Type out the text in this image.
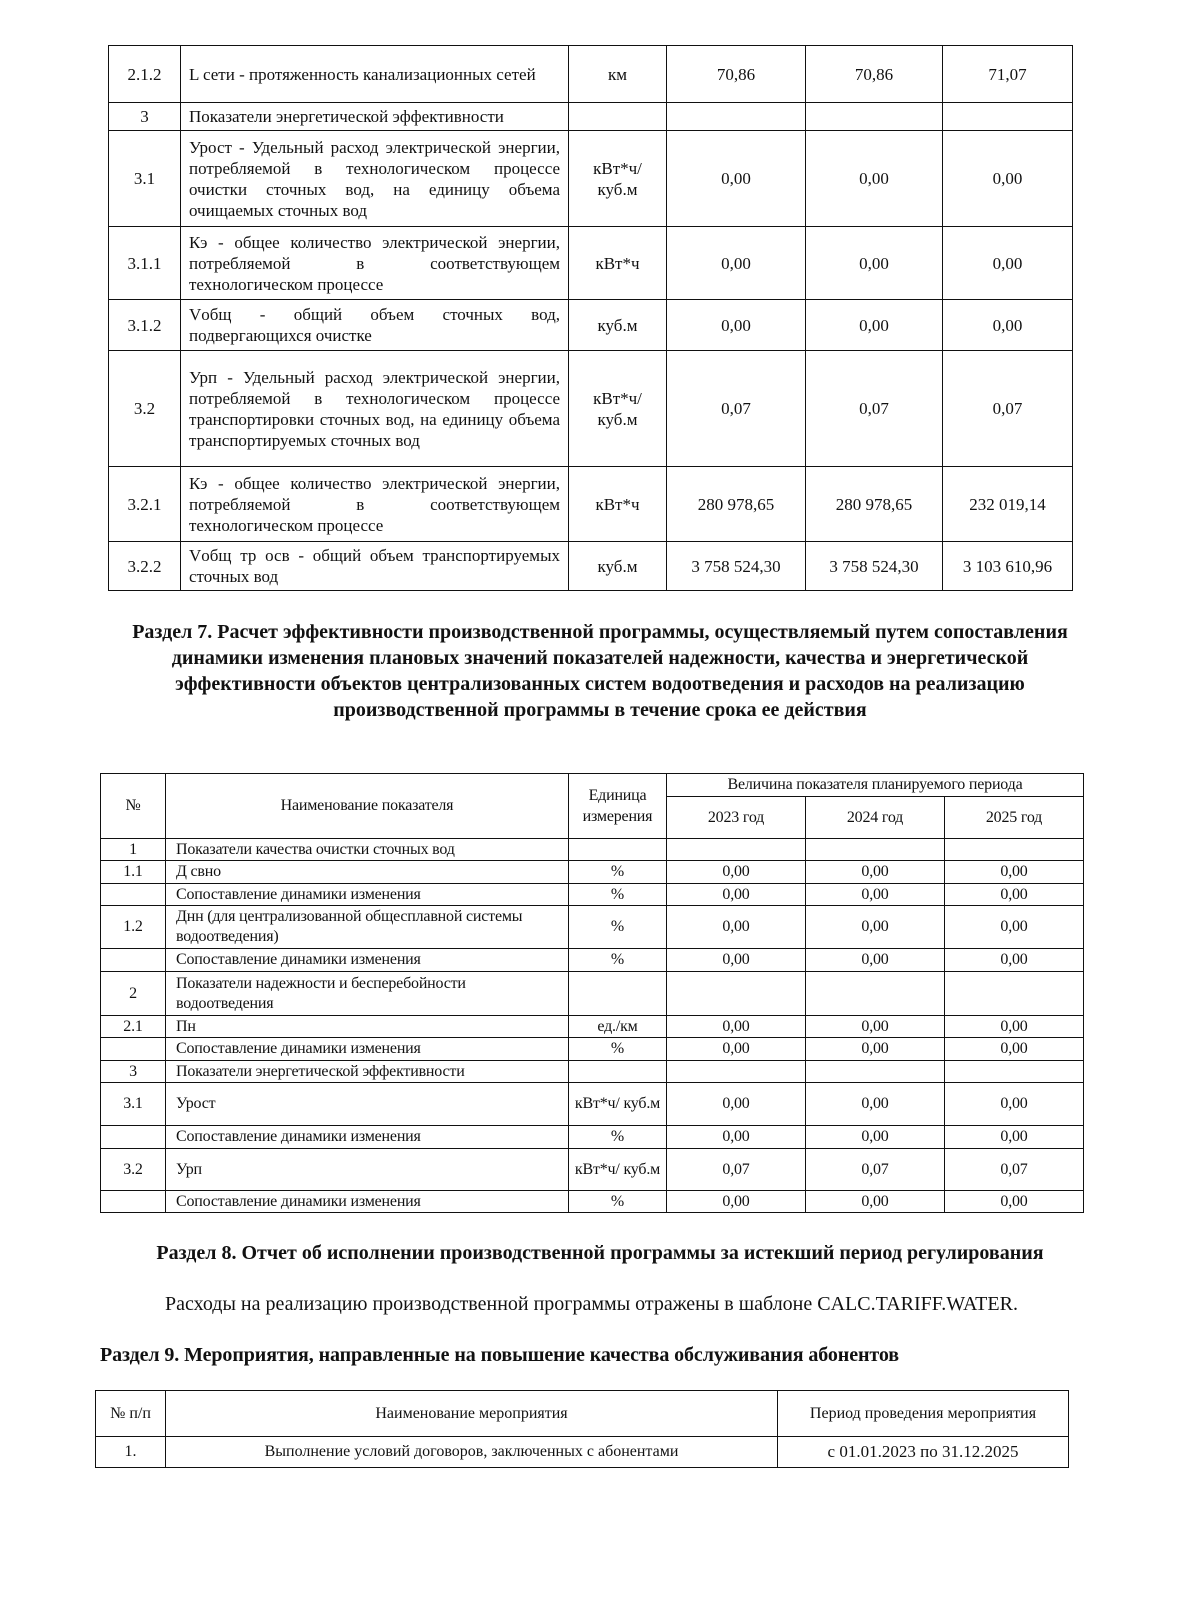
2.1.2	L сети - протяженность канализационных сетей	км	70,86	70,86	71,07
3	Показатели энергетической эффективности				
3.1	Урост - Удельный расход электрической энергии, потребляемой в технологическом процессе очистки сточных вод, на единицу объема очищаемых сточных вод	кВт*ч/ куб.м	0,00	0,00	0,00
3.1.1	Кэ - общее количество электрической энергии, потребляемой в соответствующем технологическом процессе	кВт*ч	0,00	0,00	0,00
3.1.2	Vобщ - общий объем сточных вод, подвергающихся очистке	куб.м	0,00	0,00	0,00
3.2	Урп - Удельный расход электрической энергии, потребляемой в технологическом процессе транспортировки сточных вод, на единицу объема транспортируемых сточных вод	кВт*ч/ куб.м	0,07	0,07	0,07
3.2.1	Кэ - общее количество электрической энергии, потребляемой в соответствующем технологическом процессе	кВт*ч	280 978,65	280 978,65	232 019,14
3.2.2	Vобщ тр осв - общий объем транспортируемых сточных вод	куб.м	3 758 524,30	3 758 524,30	3 103 610,96
Раздел 7. Расчет эффективности производственной программы, осуществляемый путем сопоставления динамики изменения плановых значений показателей надежности, качества и энергетической эффективности объектов централизованных систем водоотведения и расходов на реализацию производственной программы в течение срока ее действия
№	Наименование показателя	Единица измерения	Величина показателя планируемого периода		
			2023 год	2024 год	2025 год
1	Показатели качества очистки сточных вод				
1.1	Д свно	%	0,00	0,00	0,00
	Сопоставление динамики изменения	%	0,00	0,00	0,00
1.2	Днн (для централизованной общесплавной системы водоотведения)	%	0,00	0,00	0,00
	Сопоставление динамики изменения	%	0,00	0,00	0,00
2	Показатели надежности и бесперебойности водоотведения				
2.1	Пн	ед./км	0,00	0,00	0,00
	Сопоставление динамики изменения	%	0,00	0,00	0,00
3	Показатели энергетической эффективности				
3.1	Урост	кВт*ч/ куб.м	0,00	0,00	0,00
	Сопоставление динамики изменения	%	0,00	0,00	0,00
3.2	Урп	кВт*ч/ куб.м	0,07	0,07	0,07
	Сопоставление динамики изменения	%	0,00	0,00	0,00
Раздел 8. Отчет об исполнении производственной программы за истекший период регулирования
Расходы на реализацию производственной программы отражены в шаблоне CALC.TARIFF.WATER.
Раздел 9. Мероприятия, направленные на повышение качества обслуживания абонентов
№ п/п	Наименование мероприятия	Период проведения мероприятия
1.	Выполнение условий договоров, заключенных с абонентами	с 01.01.2023 по 31.12.2025
